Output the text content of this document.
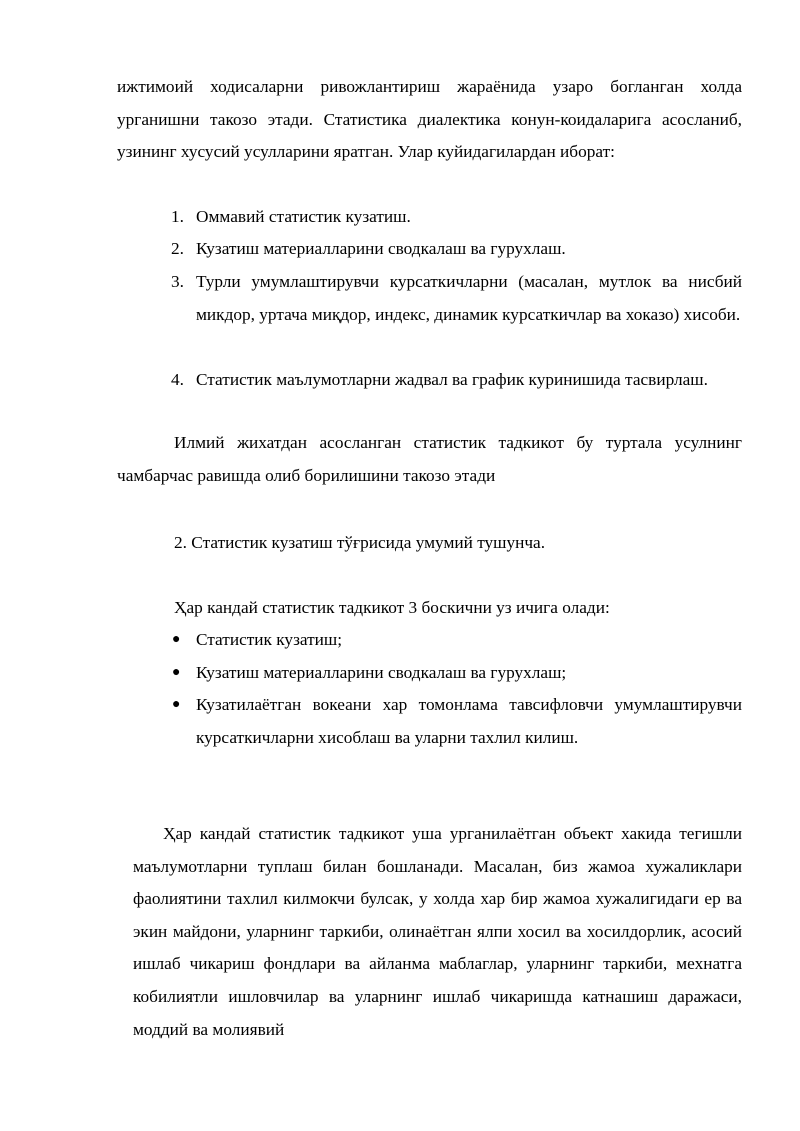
ижтимоий ходисаларни ривожлантириш жараёнида узаро богланган холда урганишни такозо этади. Статистика диалектика конун-коидаларига асосланиб, узининг хусусий усулларини яратган. Улар куйидагилардан иборат:

1. Оммавий статистик кузатиш.

2. Кузатиш материалларини сводкалаш ва гурухлаш.

3. Турли умумлаштирувчи курсаткичларни (масалан, мутлок ва нисбий микдор, уртача миқдор, индекс, динамик курсаткичлар ва хоказо) хисоби.

4. Статистик маълумотларни жадвал ва график куринишида тасвирлаш.

Илмий жихатдан асосланган статистик тадкикот бу туртала усулнинг чамбарчас равишда олиб борилишини такозо этади

2. Статистик кузатиш тўғрисида умумий тушунча.

Ҳар кандай статистик тадкикот 3 боскични уз ичига олади:

● Статистик кузатиш;

● Кузатиш материалларини сводкалаш ва гурухлаш;

● Кузатилаётган вокеани хар томонлама тавсифловчи умумлаштирувчи курсаткичларни хисоблаш ва уларни тахлил килиш.

Ҳар кандай статистик тадкикот уша урганилаётган объект хакида тегишли маълумотларни туплаш билан бошланади. Масалан, биз жамоа хужаликлари фаолиятини тахлил килмокчи булсак, у холда хар бир жамоа хужалигидаги ер ва экин майдони, уларнинг таркиби, олинаётган ялпи хосил ва хосилдорлик, асосий ишлаб чикариш фондлари ва айланма маблаглар, уларнинг таркиби, мехнатга кобилиятли ишловчилар ва уларнинг ишлаб чикаришда катнашиш даражаси, моддий ва молиявий
